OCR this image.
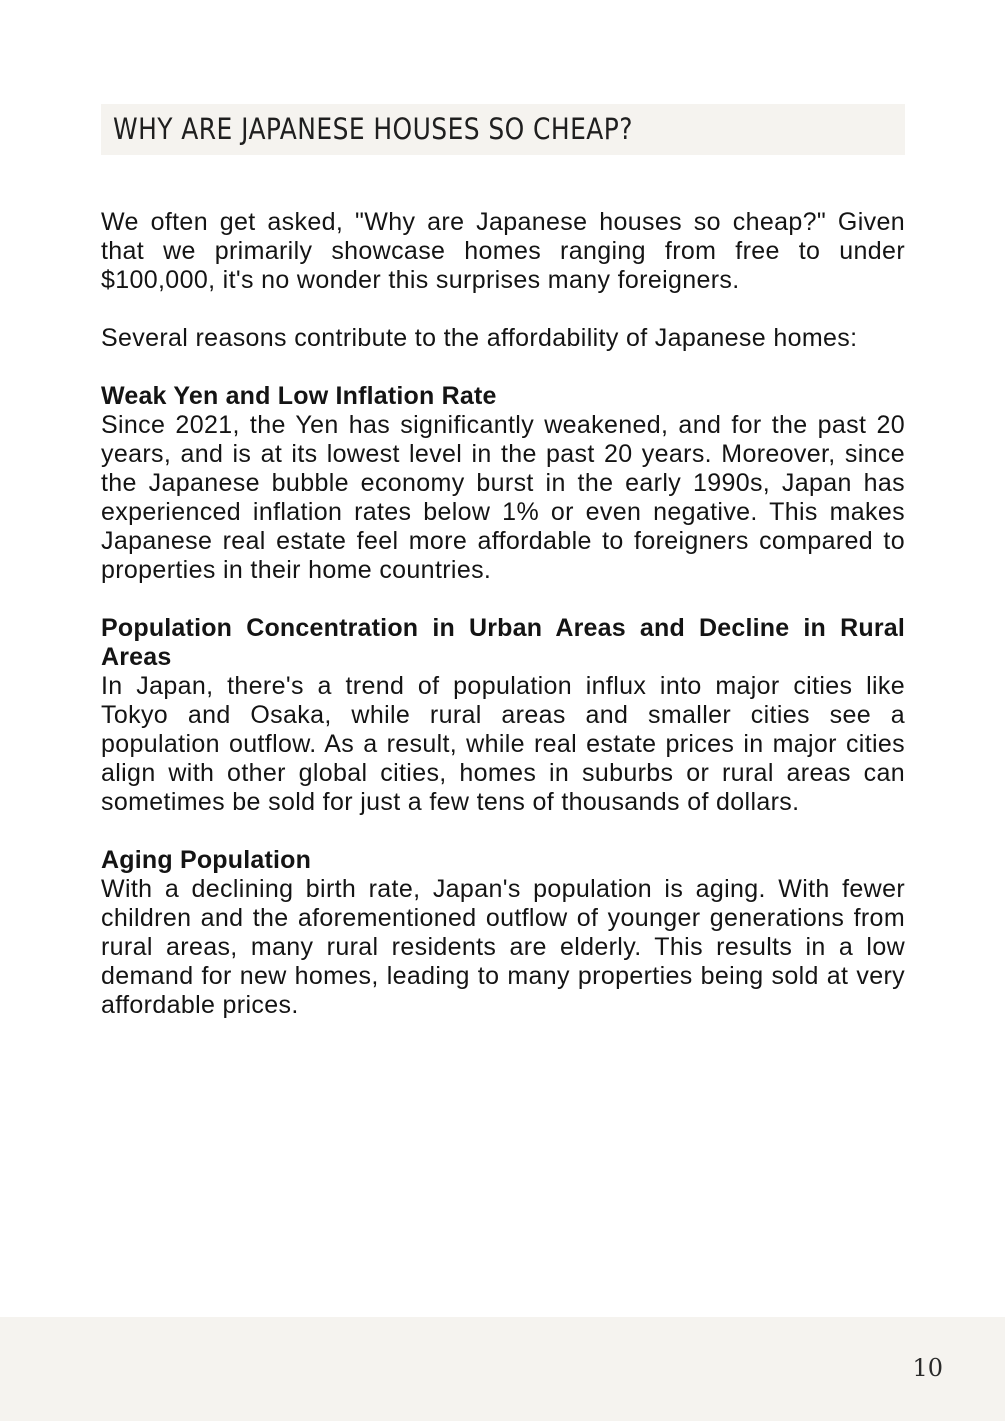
WHY ARE JAPANESE HOUSES SO CHEAP?

We often get asked, "Why are Japanese houses so cheap?" Given that we primarily showcase homes ranging from free to under $100,000, it's no wonder this surprises many foreigners.

Several reasons contribute to the affordability of Japanese homes:

Weak Yen and Low Inflation Rate

Since 2021, the Yen has significantly weakened, and for the past 20 years, and is at its lowest level in the past 20 years. Moreover, since the Japanese bubble economy burst in the early 1990s, Japan has experienced inflation rates below 1% or even negative. This makes Japanese real estate feel more affordable to foreigners compared to properties in their home countries.

Population Concentration in Urban Areas and Decline in Rural Areas

In Japan, there's a trend of population influx into major cities like Tokyo and Osaka, while rural areas and smaller cities see a population outflow. As a result, while real estate prices in major cities align with other global cities, homes in suburbs or rural areas can sometimes be sold for just a few tens of thousands of dollars.

Aging Population

With a declining birth rate, Japan's population is aging. With fewer children and the aforementioned outflow of younger generations from rural areas, many rural residents are elderly. This results in a low demand for new homes, leading to many properties being sold at very affordable prices.

10
